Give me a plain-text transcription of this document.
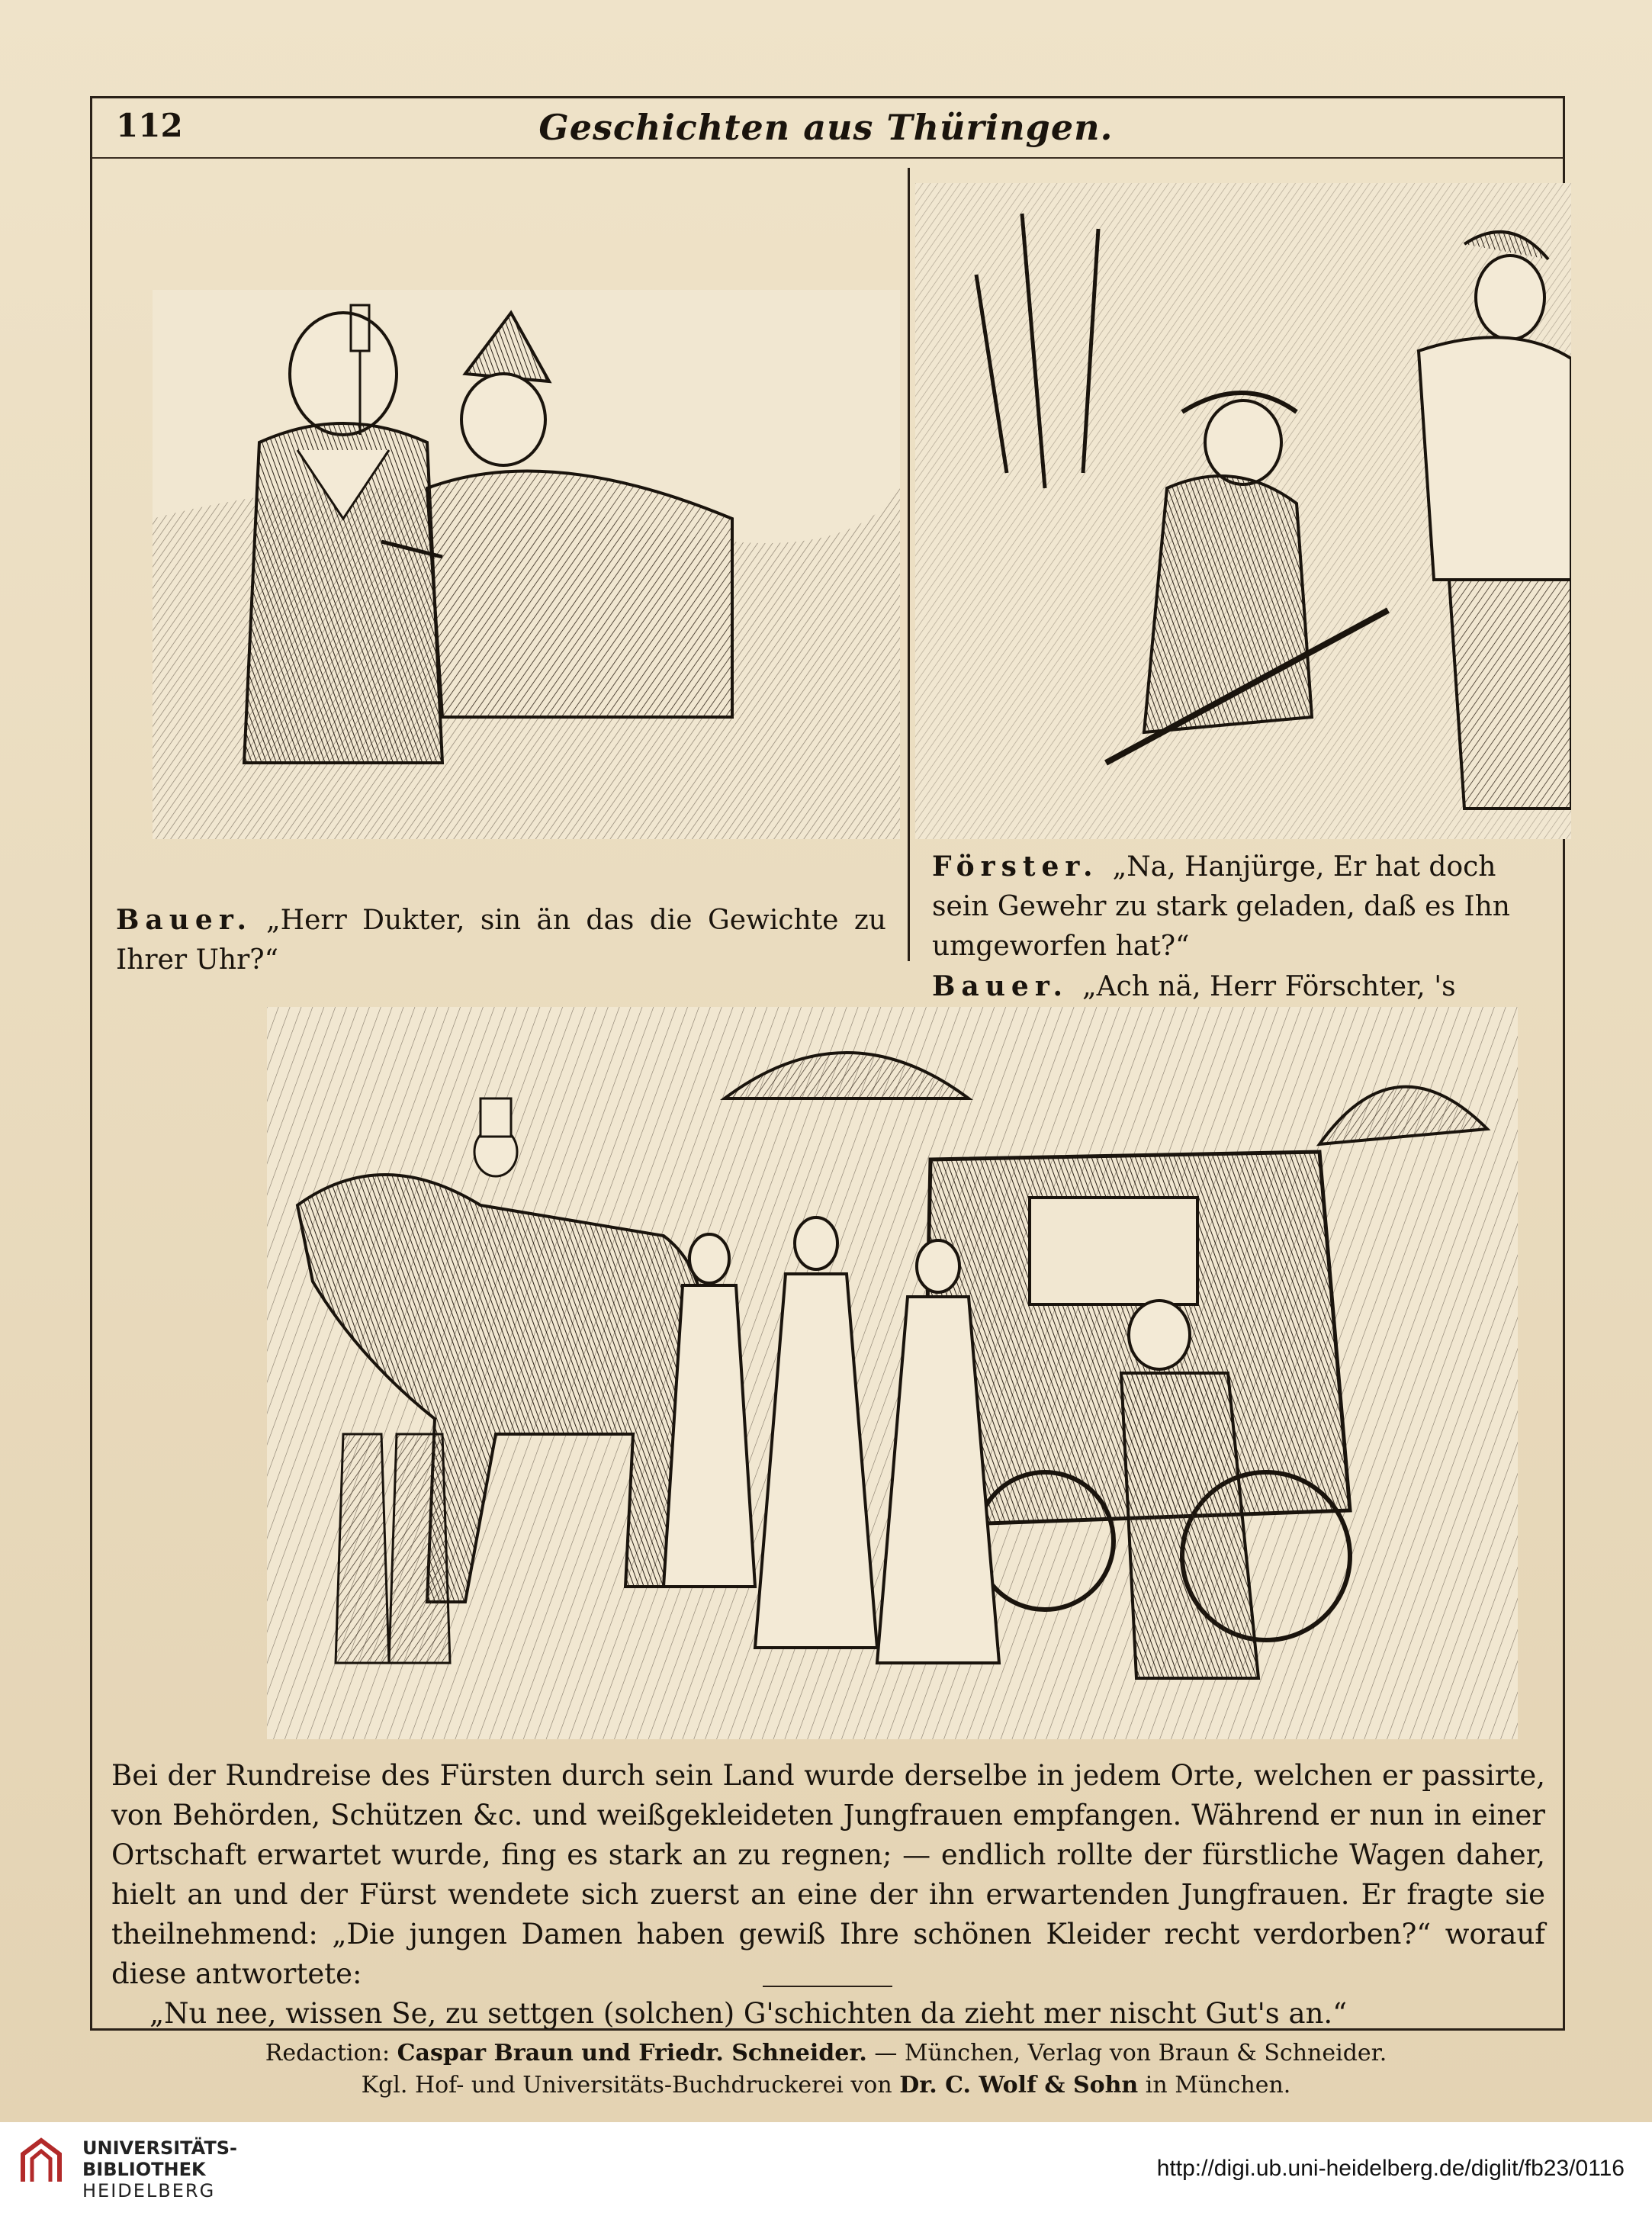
112	Geschichten aus Thüringen.
Bauer. „Herr Dukter, sin än das die Gewichte zu Ihrer Uhr?“
Förster. „Na, Hanjürge, Er hat doch sein Gewehr zu stark geladen, daß es Ihn umgeworfen hat?“
Bauer. „Ach nä, Herr Förschter, 's

Bei der Rundreise des Fürsten durch sein Land wurde derselbe in jedem Orte, welchen er passirte, von Behörden, Schützen &c. und weißgekleideten Jungfrauen empfangen. Während er nun in einer Ortschaft erwartet wurde, fing es stark an zu regnen; — endlich rollte der fürstliche Wagen daher, hielt an und der Fürst wendete sich zuerst an eine der ihn erwartenden Jungfrauen. Er fragte sie theilnehmend: „Die jungen Damen haben gewiß Ihre schönen Kleider recht verdorben?“ worauf diese antwortete:

„Nu nee, wissen Se, zu settgen (solchen) G'schichten da zieht mer nischt Gut's an.“

Redaction: Caspar Braun und Friedr. Schneider. — München, Verlag von Braun & Schneider.
Kgl. Hof- und Universitäts-Buchdruckerei von Dr. C. Wolf & Sohn in München.
UNIVERSITÄTS-
BIBLIOTHEK
HEIDELBERG
http://digi.ub.uni-heidelberg.de/diglit/fb23/0116
